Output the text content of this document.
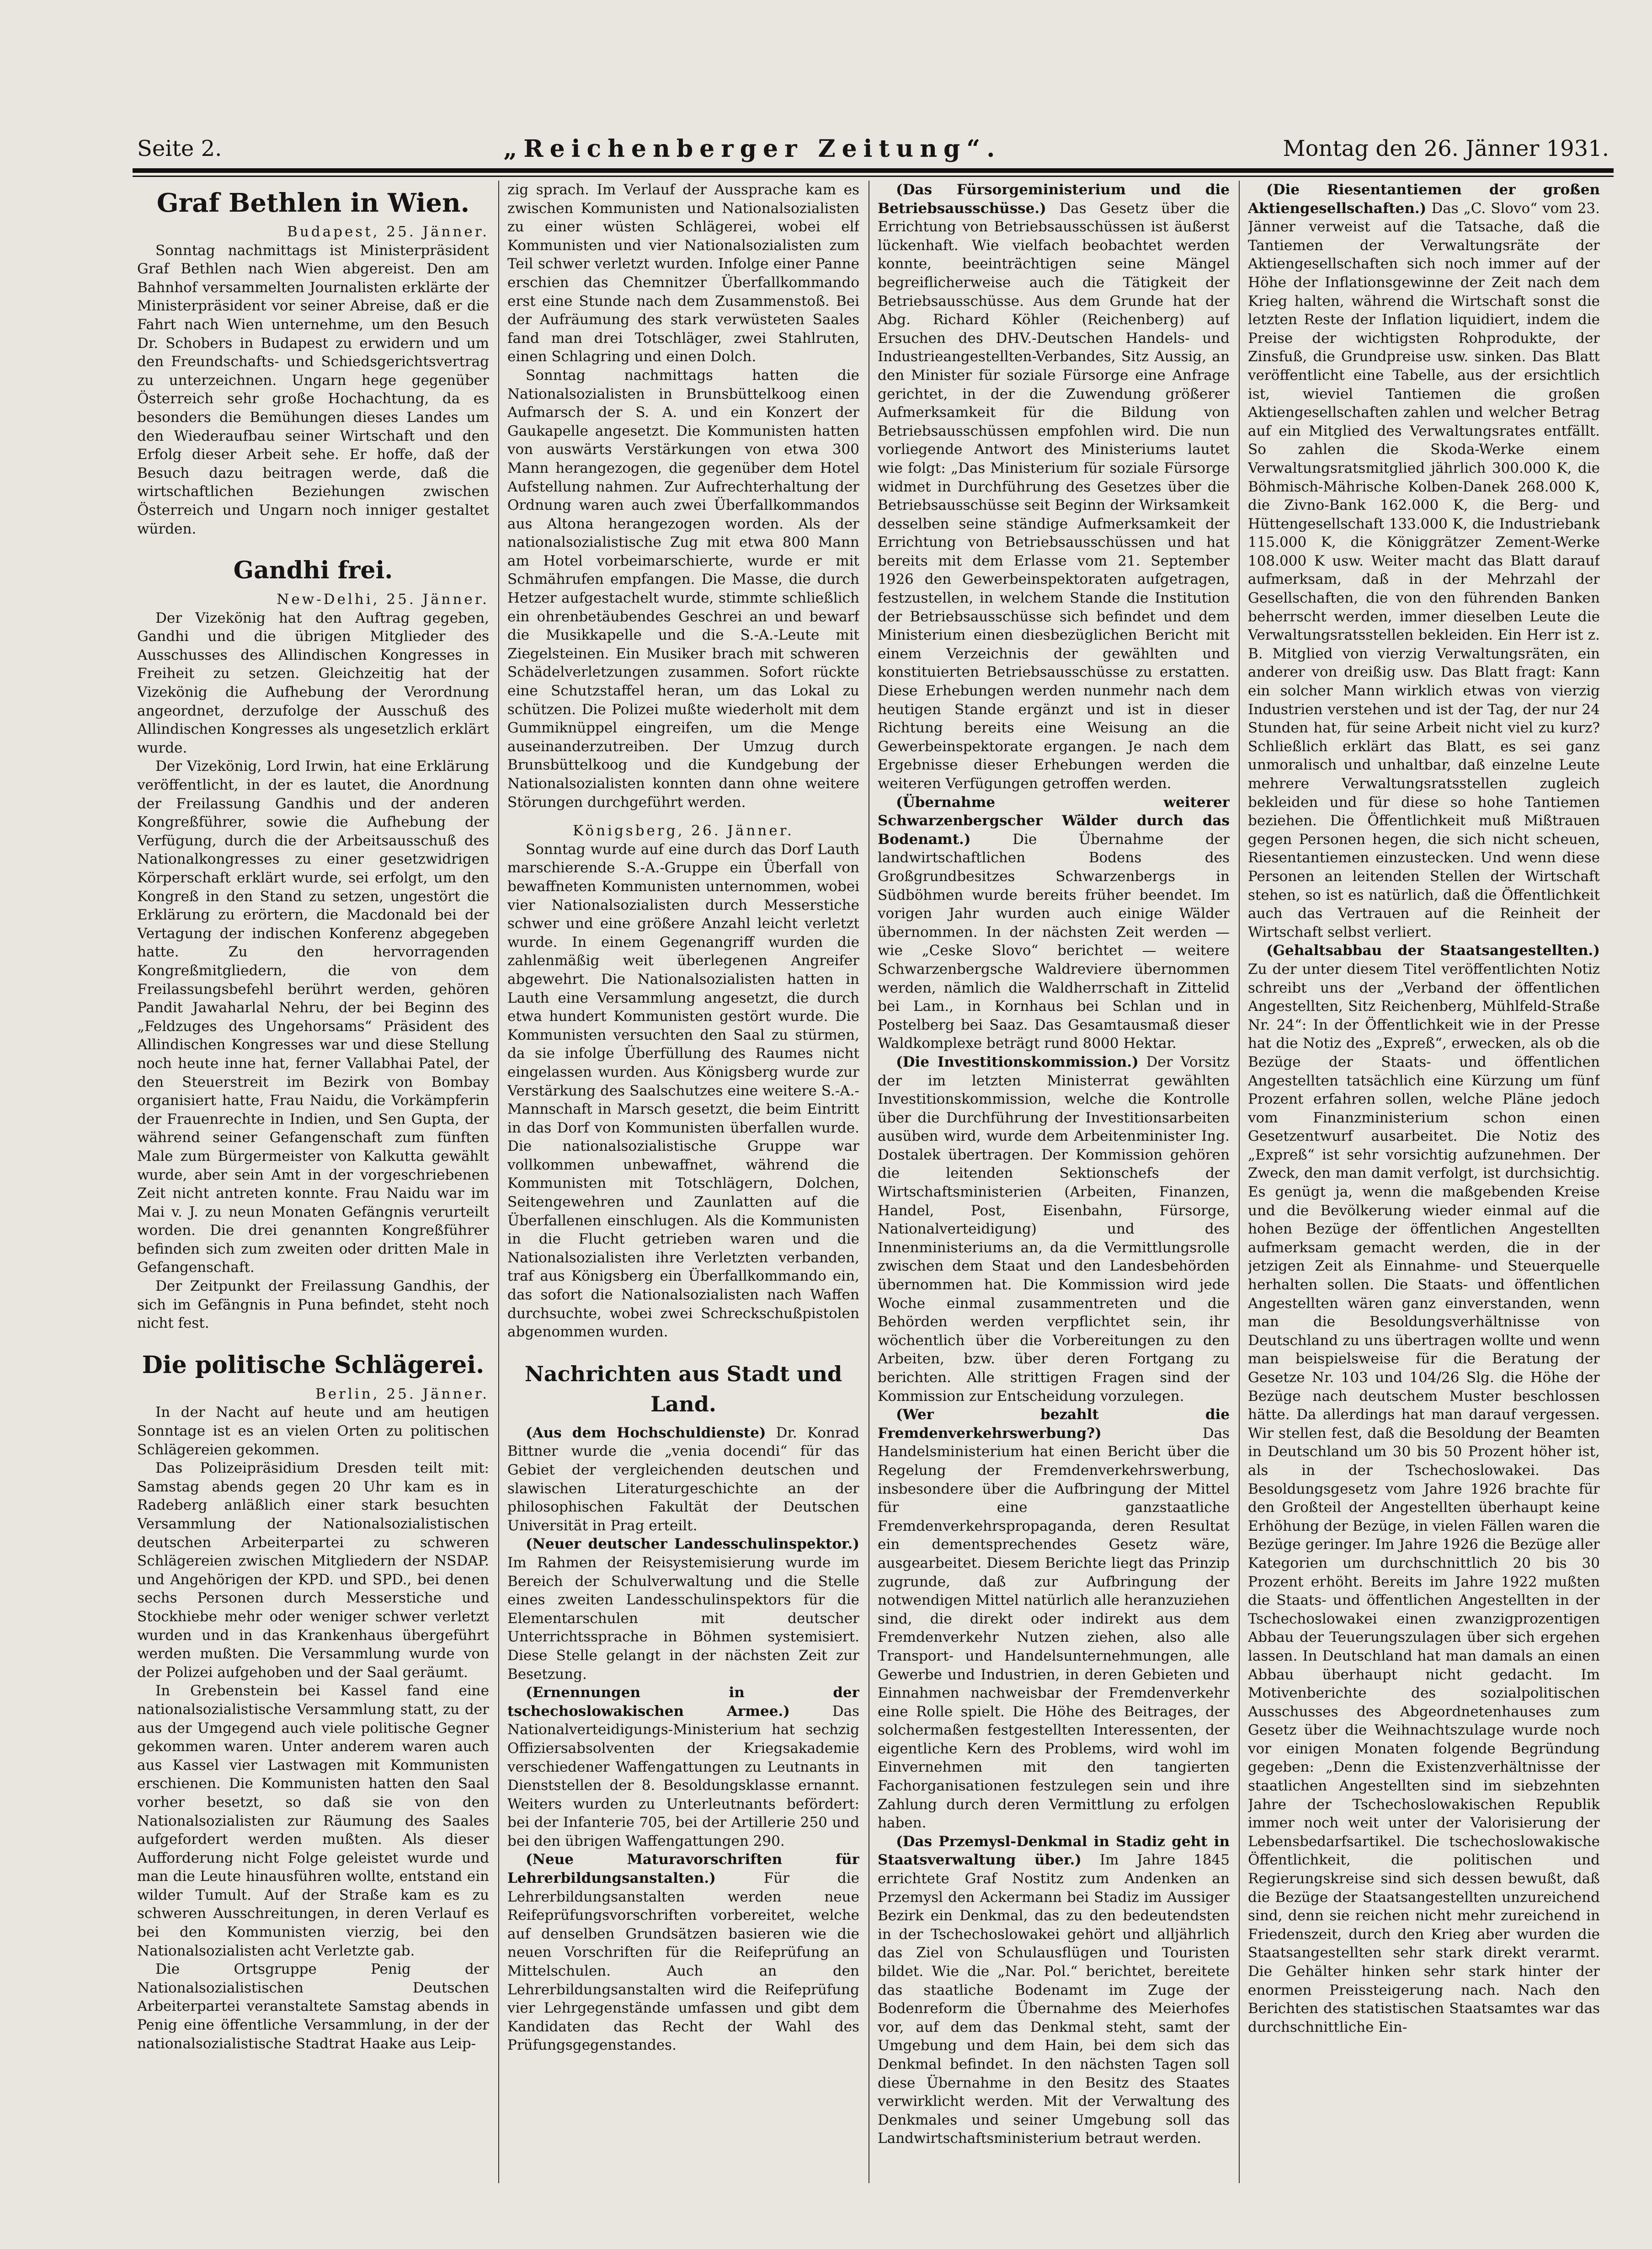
Seite 2.	„Reichenberger Zeitung“.	Montag den 26. Jänner 1931.
Graf Bethlen in Wien.

Budapest, 25. Jänner.

Sonntag nachmittags ist Ministerpräsident Graf Bethlen nach Wien abgereist. Den am Bahnhof versammelten Journalisten erklärte der Ministerpräsident vor seiner Abreise, daß er die Fahrt nach Wien unternehme, um den Besuch Dr. Schobers in Budapest zu erwidern und um den Freundschafts- und Schiedsgerichtsvertrag zu unterzeichnen. Ungarn hege gegenüber Österreich sehr große Hochachtung, da es besonders die Bemühungen dieses Landes um den Wiederaufbau seiner Wirtschaft und den Erfolg dieser Arbeit sehe. Er hoffe, daß der Besuch dazu beitragen werde, daß die wirtschaftlichen Beziehungen zwischen Österreich und Ungarn noch inniger gestaltet würden.

Gandhi frei.

New-Delhi, 25. Jänner.

Der Vizekönig hat den Auftrag gegeben, Gandhi und die übrigen Mitglieder des Ausschusses des Allindischen Kongresses in Freiheit zu setzen. Gleichzeitig hat der Vizekönig die Aufhebung der Verordnung angeordnet, derzufolge der Ausschuß des Allindischen Kongresses als ungesetzlich erklärt wurde.

Der Vizekönig, Lord Irwin, hat eine Erklärung veröffentlicht, in der es lautet, die Anordnung der Freilassung Gandhis und der anderen Kongreßführer, sowie die Aufhebung der Verfügung, durch die der Arbeitsausschuß des Nationalkongresses zu einer gesetzwidrigen Körperschaft erklärt wurde, sei erfolgt, um den Kongreß in den Stand zu setzen, ungestört die Erklärung zu erörtern, die Macdonald bei der Vertagung der indischen Konferenz abgegeben hatte. Zu den hervorragenden Kongreßmitgliedern, die von dem Freilassungsbefehl berührt werden, gehören Pandit Jawaharlal Nehru, der bei Beginn des „Feldzuges des Ungehorsams“ Präsident des Allindischen Kongresses war und diese Stellung noch heute inne hat, ferner Vallabhai Patel, der den Steuerstreit im Bezirk von Bombay organisiert hatte, Frau Naidu, die Vorkämpferin der Frauenrechte in Indien, und Sen Gupta, der während seiner Gefangenschaft zum fünften Male zum Bürgermeister von Kalkutta gewählt wurde, aber sein Amt in der vorgeschriebenen Zeit nicht antreten konnte. Frau Naidu war im Mai v. J. zu neun Monaten Gefängnis verurteilt worden. Die drei genannten Kongreßführer befinden sich zum zweiten oder dritten Male in Gefangenschaft.

Der Zeitpunkt der Freilassung Gandhis, der sich im Gefängnis in Puna befindet, steht noch nicht fest.

Die politische Schlägerei.

Berlin, 25. Jänner.

In der Nacht auf heute und am heutigen Sonntage ist es an vielen Orten zu politischen Schlägereien gekommen.

Das Polizeipräsidium Dresden teilt mit: Samstag abends gegen 20 Uhr kam es in Radeberg anläßlich einer stark besuchten Versammlung der Nationalsozialistischen deutschen Arbeiterpartei zu schweren Schlägereien zwischen Mitgliedern der NSDAP. und Angehörigen der KPD. und SPD., bei denen sechs Personen durch Messerstiche und Stockhiebe mehr oder weniger schwer verletzt wurden und in das Krankenhaus übergeführt werden mußten. Die Versammlung wurde von der Polizei aufgehoben und der Saal geräumt.

In Grebenstein bei Kassel fand eine nationalsozialistische Versammlung statt, zu der aus der Umgegend auch viele politische Gegner gekommen waren. Unter anderem waren auch aus Kassel vier Lastwagen mit Kommunisten erschienen. Die Kommunisten hatten den Saal vorher besetzt, so daß sie von den Nationalsozialisten zur Räumung des Saales aufgefordert werden mußten. Als dieser Aufforderung nicht Folge geleistet wurde und man die Leute hinausführen wollte, entstand ein wilder Tumult. Auf der Straße kam es zu schweren Ausschreitungen, in deren Verlauf es bei den Kommunisten vierzig, bei den Nationalsozialisten acht Verletzte gab.

Die Ortsgruppe Penig der Nationalsozialistischen Deutschen Arbeiterpartei veranstaltete Samstag abends in Penig eine öffentliche Versammlung, in der der nationalsozialistische Stadtrat Haake aus Leip-

zig sprach. Im Verlauf der Aussprache kam es zwischen Kommunisten und Nationalsozialisten zu einer wüsten Schlägerei, wobei elf Kommunisten und vier Nationalsozialisten zum Teil schwer verletzt wurden. Infolge einer Panne erschien das Chemnitzer Überfallkommando erst eine Stunde nach dem Zusammenstoß. Bei der Aufräumung des stark verwüsteten Saales fand man drei Totschläger, zwei Stahlruten, einen Schlagring und einen Dolch.

Sonntag nachmittags hatten die Nationalsozialisten in Brunsbüttelkoog einen Aufmarsch der S. A. und ein Konzert der Gaukapelle angesetzt. Die Kommunisten hatten von auswärts Verstärkungen von etwa 300 Mann herangezogen, die gegenüber dem Hotel Aufstellung nahmen. Zur Aufrechterhaltung der Ordnung waren auch zwei Überfallkommandos aus Altona herangezogen worden. Als der nationalsozialistische Zug mit etwa 800 Mann am Hotel vorbeimarschierte, wurde er mit Schmährufen empfangen. Die Masse, die durch Hetzer aufgestachelt wurde, stimmte schließlich ein ohrenbetäubendes Geschrei an und bewarf die Musikkapelle und die S.-A.-Leute mit Ziegelsteinen. Ein Musiker brach mit schweren Schädelverletzungen zusammen. Sofort rückte eine Schutzstaffel heran, um das Lokal zu schützen. Die Polizei mußte wiederholt mit dem Gummiknüppel eingreifen, um die Menge auseinanderzutreiben. Der Umzug durch Brunsbüttelkoog und die Kundgebung der Nationalsozialisten konnten dann ohne weitere Störungen durchgeführt werden.

Königsberg, 26. Jänner.

Sonntag wurde auf eine durch das Dorf Lauth marschierende S.-A.-Gruppe ein Überfall von bewaffneten Kommunisten unternommen, wobei vier Nationalsozialisten durch Messerstiche schwer und eine größere Anzahl leicht verletzt wurde. In einem Gegenangriff wurden die zahlenmäßig weit überlegenen Angreifer abgewehrt. Die Nationalsozialisten hatten in Lauth eine Versammlung angesetzt, die durch etwa hundert Kommunisten gestört wurde. Die Kommunisten versuchten den Saal zu stürmen, da sie infolge Überfüllung des Raumes nicht eingelassen wurden. Aus Königsberg wurde zur Verstärkung des Saalschutzes eine weitere S.-A.-Mannschaft in Marsch gesetzt, die beim Eintritt in das Dorf von Kommunisten überfallen wurde. Die nationalsozialistische Gruppe war vollkommen unbewaffnet, während die Kommunisten mit Totschlägern, Dolchen, Seitengewehren und Zaunlatten auf die Überfallenen einschlugen. Als die Kommunisten in die Flucht getrieben waren und die Nationalsozialisten ihre Verletzten verbanden, traf aus Königsberg ein Überfallkommando ein, das sofort die Nationalsozialisten nach Waffen durchsuchte, wobei zwei Schreckschußpistolen abgenommen wurden.

Nachrichten aus Stadt und Land.

(Aus dem Hochschuldienste) Dr. Konrad Bittner wurde die „venia docendi“ für das Gebiet der vergleichenden deutschen und slawischen Literaturgeschichte an der philosophischen Fakultät der Deutschen Universität in Prag erteilt.

(Neuer deutscher Landesschulinspektor.) Im Rahmen der Reisystemisierung wurde im Bereich der Schulverwaltung und die Stelle eines zweiten Landesschulinspektors für die Elementarschulen mit deutscher Unterrichtssprache in Böhmen systemisiert. Diese Stelle gelangt in der nächsten Zeit zur Besetzung.

(Ernennungen in der tschechoslowakischen Armee.) Das Nationalverteidigungs-Ministerium hat sechzig Offiziersabsolventen der Kriegsakademie verschiedener Waffengattungen zu Leutnants in Dienststellen der 8. Besoldungsklasse ernannt. Weiters wurden zu Unterleutnants befördert: bei der Infanterie 705, bei der Artillerie 250 und bei den übrigen Waffengattungen 290.

(Neue Maturavorschriften für Lehrerbildungsanstalten.) Für die Lehrerbildungsanstalten werden neue Reifeprüfungsvorschriften vorbereitet, welche auf denselben Grundsätzen basieren wie die neuen Vorschriften für die Reifeprüfung an Mittelschulen. Auch an den Lehrerbildungsanstalten wird die Reifeprüfung vier Lehrgegenstände umfassen und gibt dem Kandidaten das Recht der Wahl des Prüfungsgegenstandes.

(Das Fürsorgeministerium und die Betriebsausschüsse.) Das Gesetz über die Errichtung von Betriebsausschüssen ist äußerst lückenhaft. Wie vielfach beobachtet werden konnte, beeinträchtigen seine Mängel begreiflicherweise auch die Tätigkeit der Betriebsausschüsse. Aus dem Grunde hat der Abg. Richard Köhler (Reichenberg) auf Ersuchen des DHV.-Deutschen Handels- und Industrieangestellten-Verbandes, Sitz Aussig, an den Minister für soziale Fürsorge eine Anfrage gerichtet, in der die Zuwendung größerer Aufmerksamkeit für die Bildung von Betriebsausschüssen empfohlen wird. Die nun vorliegende Antwort des Ministeriums lautet wie folgt: „Das Ministerium für soziale Fürsorge widmet in Durchführung des Gesetzes über die Betriebsausschüsse seit Beginn der Wirksamkeit desselben seine ständige Aufmerksamkeit der Errichtung von Betriebsausschüssen und hat bereits mit dem Erlasse vom 21. September 1926 den Gewerbeinspektoraten aufgetragen, festzustellen, in welchem Stande die Institution der Betriebsausschüsse sich befindet und dem Ministerium einen diesbezüglichen Bericht mit einem Verzeichnis der gewählten und konstituierten Betriebsausschüsse zu erstatten. Diese Erhebungen werden nunmehr nach dem heutigen Stande ergänzt und ist in dieser Richtung bereits eine Weisung an die Gewerbeinspektorate ergangen. Je nach dem Ergebnisse dieser Erhebungen werden die weiteren Verfügungen getroffen werden.

(Übernahme weiterer Schwarzenbergscher Wälder durch das Bodenamt.) Die Übernahme der landwirtschaftlichen Bodens des Großgrundbesitzes Schwarzenbergs in Südböhmen wurde bereits früher beendet. Im vorigen Jahr wurden auch einige Wälder übernommen. In der nächsten Zeit werden — wie „Ceske Slovo“ berichtet — weitere Schwarzenbergsche Waldreviere übernommen werden, nämlich die Waldherrschaft in Zittelid bei Lam., in Kornhaus bei Schlan und in Postelberg bei Saaz. Das Gesamtausmaß dieser Waldkomplexe beträgt rund 8000 Hektar.

(Die Investitionskommission.) Der Vorsitz der im letzten Ministerrat gewählten Investitionskommission, welche die Kontrolle über die Durchführung der Investitionsarbeiten ausüben wird, wurde dem Arbeitenminister Ing. Dostalek übertragen. Der Kommission gehören die leitenden Sektionschefs der Wirtschaftsministerien (Arbeiten, Finanzen, Handel, Post, Eisenbahn, Fürsorge, Nationalverteidigung) und des Innenministeriums an, da die Vermittlungsrolle zwischen dem Staat und den Landesbehörden übernommen hat. Die Kommission wird jede Woche einmal zusammentreten und die Behörden werden verpflichtet sein, ihr wöchentlich über die Vorbereitungen zu den Arbeiten, bzw. über deren Fortgang zu berichten. Alle strittigen Fragen sind der Kommission zur Entscheidung vorzulegen.

(Wer bezahlt die Fremdenverkehrswerbung?) Das Handelsministerium hat einen Bericht über die Regelung der Fremdenverkehrswerbung, insbesondere über die Aufbringung der Mittel für eine ganzstaatliche Fremdenverkehrspropaganda, deren Resultat ein dementsprechendes Gesetz wäre, ausgearbeitet. Diesem Berichte liegt das Prinzip zugrunde, daß zur Aufbringung der notwendigen Mittel natürlich alle heranzuziehen sind, die direkt oder indirekt aus dem Fremdenverkehr Nutzen ziehen, also alle Transport- und Handelsunternehmungen, alle Gewerbe und Industrien, in deren Gebieten und Einnahmen nachweisbar der Fremdenverkehr eine Rolle spielt. Die Höhe des Beitrages, der solchermaßen festgestellten Interessenten, der eigentliche Kern des Problems, wird wohl im Einvernehmen mit den tangierten Fachorganisationen festzulegen sein und ihre Zahlung durch deren Vermittlung zu erfolgen haben.

(Das Przemysl-Denkmal in Stadiz geht in Staatsverwaltung über.) Im Jahre 1845 errichtete Graf Nostitz zum Andenken an Przemysl den Ackermann bei Stadiz im Aussiger Bezirk ein Denkmal, das zu den bedeutendsten in der Tschechoslowakei gehört und alljährlich das Ziel von Schulausflügen und Touristen bildet. Wie die „Nar. Pol.“ berichtet, bereitete das staatliche Bodenamt im Zuge der Bodenreform die Übernahme des Meierhofes vor, auf dem das Denkmal steht, samt der Umgebung und dem Hain, bei dem sich das Denkmal befindet. In den nächsten Tagen soll diese Übernahme in den Besitz des Staates verwirklicht werden. Mit der Verwaltung des Denkmales und seiner Umgebung soll das Landwirtschaftsministerium betraut werden.

(Die Riesentantiemen der großen Aktiengesellschaften.) Das „C. Slovo“ vom 23. Jänner verweist auf die Tatsache, daß die Tantiemen der Verwaltungsräte der Aktiengesellschaften sich noch immer auf der Höhe der Inflationsgewinne der Zeit nach dem Krieg halten, während die Wirtschaft sonst die letzten Reste der Inflation liquidiert, indem die Preise der wichtigsten Rohprodukte, der Zinsfuß, die Grundpreise usw. sinken. Das Blatt veröffentlicht eine Tabelle, aus der ersichtlich ist, wieviel Tantiemen die großen Aktiengesellschaften zahlen und welcher Betrag auf ein Mitglied des Verwaltungsrates entfällt. So zahlen die Skoda-Werke einem Verwaltungsratsmitglied jährlich 300.000 K, die Böhmisch-Mährische Kolben-Danek 268.000 K, die Zivno-Bank 162.000 K, die Berg- und Hüttengesellschaft 133.000 K, die Industriebank 115.000 K, die Königgrätzer Zement-Werke 108.000 K usw. Weiter macht das Blatt darauf aufmerksam, daß in der Mehrzahl der Gesellschaften, die von den führenden Banken beherrscht werden, immer dieselben Leute die Verwaltungsratsstellen bekleiden. Ein Herr ist z. B. Mitglied von vierzig Verwaltungsräten, ein anderer von dreißig usw. Das Blatt fragt: Kann ein solcher Mann wirklich etwas von vierzig Industrien verstehen und ist der Tag, der nur 24 Stunden hat, für seine Arbeit nicht viel zu kurz? Schließlich erklärt das Blatt, es sei ganz unmoralisch und unhaltbar, daß einzelne Leute mehrere Verwaltungsratsstellen zugleich bekleiden und für diese so hohe Tantiemen beziehen. Die Öffentlichkeit muß Mißtrauen gegen Personen hegen, die sich nicht scheuen, Riesentantiemen einzustecken. Und wenn diese Personen an leitenden Stellen der Wirtschaft stehen, so ist es natürlich, daß die Öffentlichkeit auch das Vertrauen auf die Reinheit der Wirtschaft selbst verliert.

(Gehaltsabbau der Staatsangestellten.) Zu der unter diesem Titel veröffentlichten Notiz schreibt uns der „Verband der öffentlichen Angestellten, Sitz Reichenberg, Mühlfeld-Straße Nr. 24“: In der Öffentlichkeit wie in der Presse hat die Notiz des „Expreß“, erwecken, als ob die Bezüge der Staats- und öffentlichen Angestellten tatsächlich eine Kürzung um fünf Prozent erfahren sollen, welche Pläne jedoch vom Finanzministerium schon einen Gesetzentwurf ausarbeitet. Die Notiz des „Expreß“ ist sehr vorsichtig aufzunehmen. Der Zweck, den man damit verfolgt, ist durchsichtig. Es genügt ja, wenn die maßgebenden Kreise und die Bevölkerung wieder einmal auf die hohen Bezüge der öffentlichen Angestellten aufmerksam gemacht werden, die in der jetzigen Zeit als Einnahme- und Steuerquelle herhalten sollen. Die Staats- und öffentlichen Angestellten wären ganz einverstanden, wenn man die Besoldungsverhältnisse von Deutschland zu uns übertragen wollte und wenn man beispielsweise für die Beratung der Gesetze Nr. 103 und 104/26 Slg. die Höhe der Bezüge nach deutschem Muster beschlossen hätte. Da allerdings hat man darauf vergessen. Wir stellen fest, daß die Besoldung der Beamten in Deutschland um 30 bis 50 Prozent höher ist, als in der Tschechoslowakei. Das Besoldungsgesetz vom Jahre 1926 brachte für den Großteil der Angestellten überhaupt keine Erhöhung der Bezüge, in vielen Fällen waren die Bezüge geringer. Im Jahre 1926 die Bezüge aller Kategorien um durchschnittlich 20 bis 30 Prozent erhöht. Bereits im Jahre 1922 mußten die Staats- und öffentlichen Angestellten in der Tschechoslowakei einen zwanzigprozentigen Abbau der Teuerungszulagen über sich ergehen lassen. In Deutschland hat man damals an einen Abbau überhaupt nicht gedacht. Im Motivenberichte des sozialpolitischen Ausschusses des Abgeordnetenhauses zum Gesetz über die Weihnachtszulage wurde noch vor einigen Monaten folgende Begründung gegeben: „Denn die Existenzverhältnisse der staatlichen Angestellten sind im siebzehnten Jahre der Tschechoslowakischen Republik immer noch weit unter der Valorisierung der Lebensbedarfsartikel. Die tschechoslowakische Öffentlichkeit, die politischen und Regierungskreise sind sich dessen bewußt, daß die Bezüge der Staatsangestellten unzureichend sind, denn sie reichen nicht mehr zureichend in Friedenszeit, durch den Krieg aber wurden die Staatsangestellten sehr stark direkt verarmt. Die Gehälter hinken sehr stark hinter der enormen Preissteigerung nach. Nach den Berichten des statistischen Staatsamtes war das durchschnittliche Ein-
